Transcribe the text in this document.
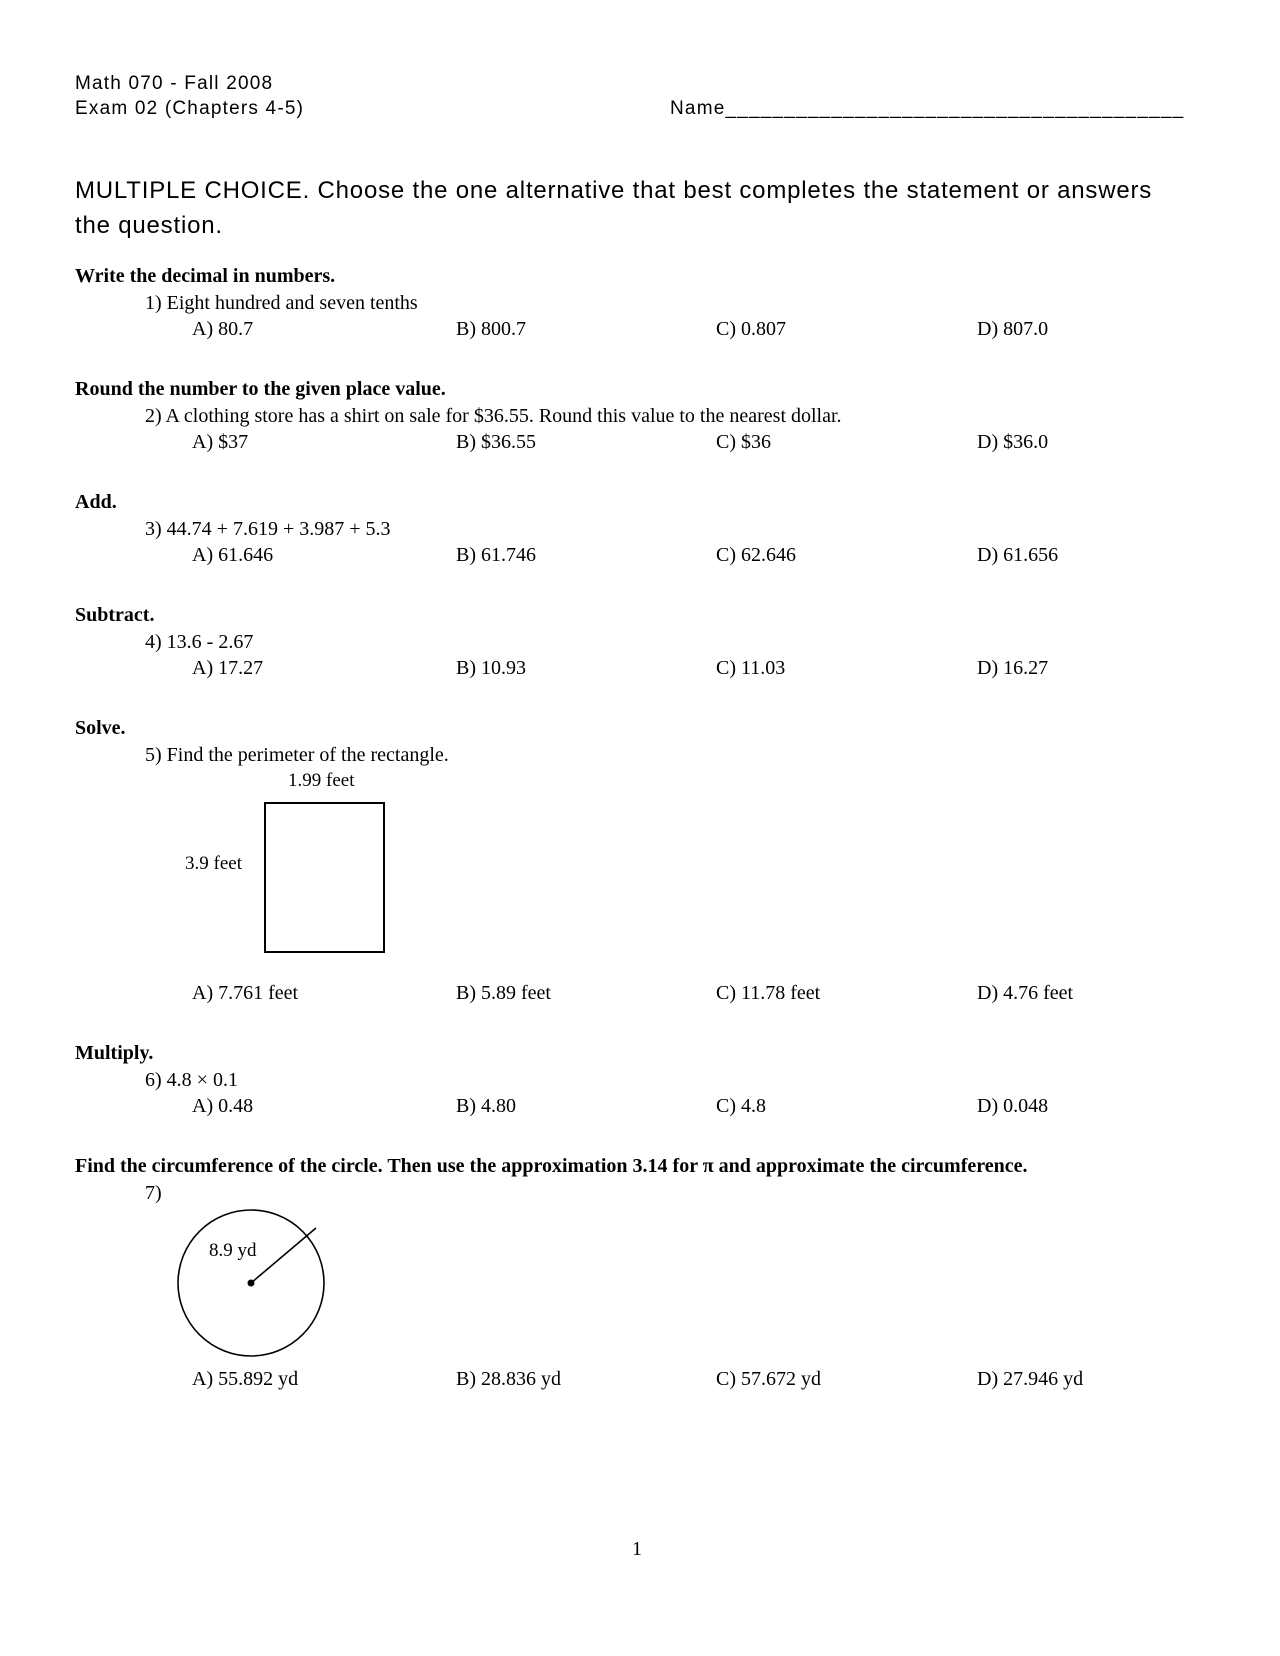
Math 070 - Fall 2008
Exam 02 (Chapters 4-5)	Name_______________________________________
MULTIPLE CHOICE. Choose the one alternative that best completes the statement or answers
the question.
Write the decimal in numbers.
1) Eight hundred and seven tenths
A) 80.7	B) 800.7	C) 0.807	D) 807.0
Round the number to the given place value.
2) A clothing store has a shirt on sale for $36.55. Round this value to the nearest dollar.
A) $37	B) $36.55	C) $36	D) $36.0
Add.
3) 44.74 + 7.619 + 3.987 + 5.3
A) 61.646	B) 61.746	C) 62.646	D) 61.656
Subtract.
4) 13.6 - 2.67
A) 17.27	B) 10.93	C) 11.03	D) 16.27
Solve.
5) Find the perimeter of the rectangle.
1.99 feet
3.9 feet
A) 7.761 feet	B) 5.89 feet	C) 11.78 feet	D) 4.76 feet
Multiply.
6) 4.8 × 0.1
A) 0.48	B) 4.80	C) 4.8	D) 0.048
Find the circumference of the circle. Then use the approximation 3.14 for π and approximate the circumference.
7)
8.9 yd
A) 55.892 yd	B) 28.836 yd	C) 57.672 yd	D) 27.946 yd
1
